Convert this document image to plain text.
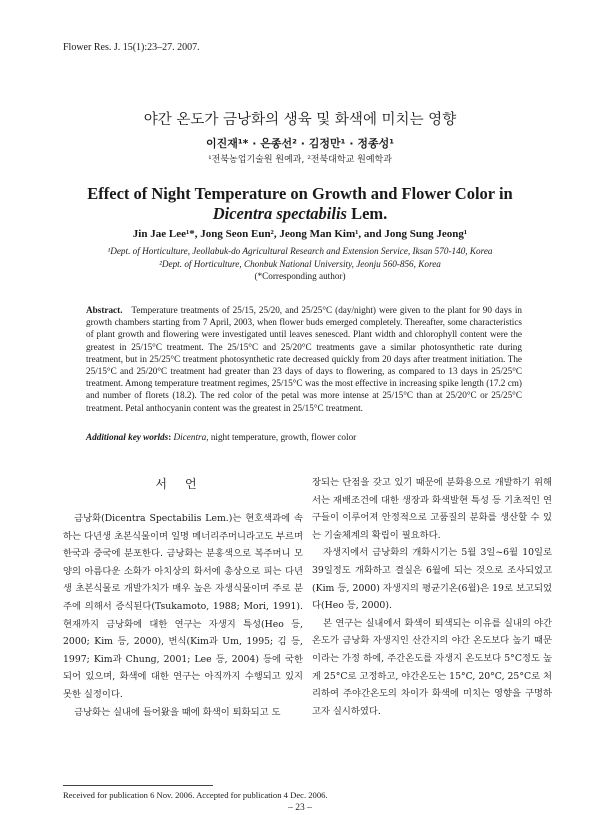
Flower Res. J. 15(1):23–27. 2007.
야간 온도가 금낭화의 생육 및 화색에 미치는 영향
이진재¹* · 은종선² · 김정만¹ · 정종성¹
¹전북농업기술원 원예과, ²전북대학교 원예학과
Effect of Night Temperature on Growth and Flower Color in
Dicentra spectabilis Lem.
Jin Jae Lee¹*, Jong Seon Eun², Jeong Man Kim¹, and Jong Sung Jeong¹
¹Dept. of Horticulture, Jeollabuk-do Agricultural Research and Extension Service, Iksan 570-140, Korea
²Dept. of Horticulture, Chonbuk National University, Jeonju 560-856, Korea
(*Corresponding author)
Abstract. Temperature treatments of 25/15, 25/20, and 25/25°C (day/night) were given to the plant for 90 days in growth chambers starting from 7 April, 2003, when flower buds emerged completely. Thereafter, some characteristics of plant growth and flowering were investigated until leaves senesced. Plant width and chlorophyll content were the greatest in 25/15°C treatment. The 25/15°C and 25/20°C treatments gave a similar photosynthetic rate during treatment, but in 25/25°C treatment photosynthetic rate decreased quickly from 20 days after treatment initiation. The 25/15°C and 25/20°C treatment had greater than 23 days of days to flowering, as compared to 13 days in 25/25°C treatment. Among temperature treatment regimes, 25/15°C was the most effective in increasing spike length (17.2 cm) and number of florets (18.2). The red color of the petal was more intense at 25/15°C than at 25/20°C or 25/25°C treatment. Petal anthocyanin content was the greatest in 25/15°C treatment.
Additional key worlds: Dicentra, night temperature, growth, flower color
서언

금낭화(Dicentra Spectabilis Lem.)는 현호색과에 속하는 다년생 초본식물이며 일명 메너리주머니라고도 부르며 한국과 중국에 분포한다. 금낭화는 분홍색으로 복주머니 모양의 아름다운 소화가 아치상의 화서에 총상으로 피는 다년생 초본식물로 개발가치가 매우 높은 자생식물이며 주로 분주에 의해서 증식된다(Tsukamoto, 1988; Mori, 1991). 현재까지 금낭화에 대한 연구는 자생지 특성(Heo 등, 2000; Kim 등, 2000), 번식(Kim과 Um, 1995; 김 등, 1997; Kim과 Chung, 2001; Lee 등, 2004) 등에 국한되어 있으며, 화색에 대한 연구는 아직까지 수행되고 있지 못한 실정이다.

금낭화는 실내에 들어왔을 때에 화색이 퇴화되고 도

장되는 단점을 갖고 있기 때문에 분화용으로 개발하기 위해서는 재배조건에 대한 생장과 화색발현 특성 등 기초적인 연구들이 이루어져 안정적으로 고품질의 분화를 생산할 수 있는 기술체계의 확립이 필요하다.

자생지에서 금낭화의 개화시기는 5월 3일~6월 10일로 39일정도 개화하고 결실은 6월에 되는 것으로 조사되었고(Kim 등, 2000) 자생지의 평균기온(6월)은 19로 보고되었다(Heo 등, 2000).

본 연구는 실내에서 화색이 퇴색되는 이유를 실내의 야간온도가 금낭화 자생지인 산간지의 야간 온도보다 높기 때문이라는 가정 하에, 주간온도를 자생지 온도보다 5°C정도 높게 25°C로 고정하고, 야간온도는 15°C, 20°C, 25°C로 처리하여 주야간온도의 차이가 화색에 미치는 영향을 구명하고자 실시하였다.

Received for publication 6 Nov. 2006. Accepted for publication 4 Dec. 2006.
– 23 –
